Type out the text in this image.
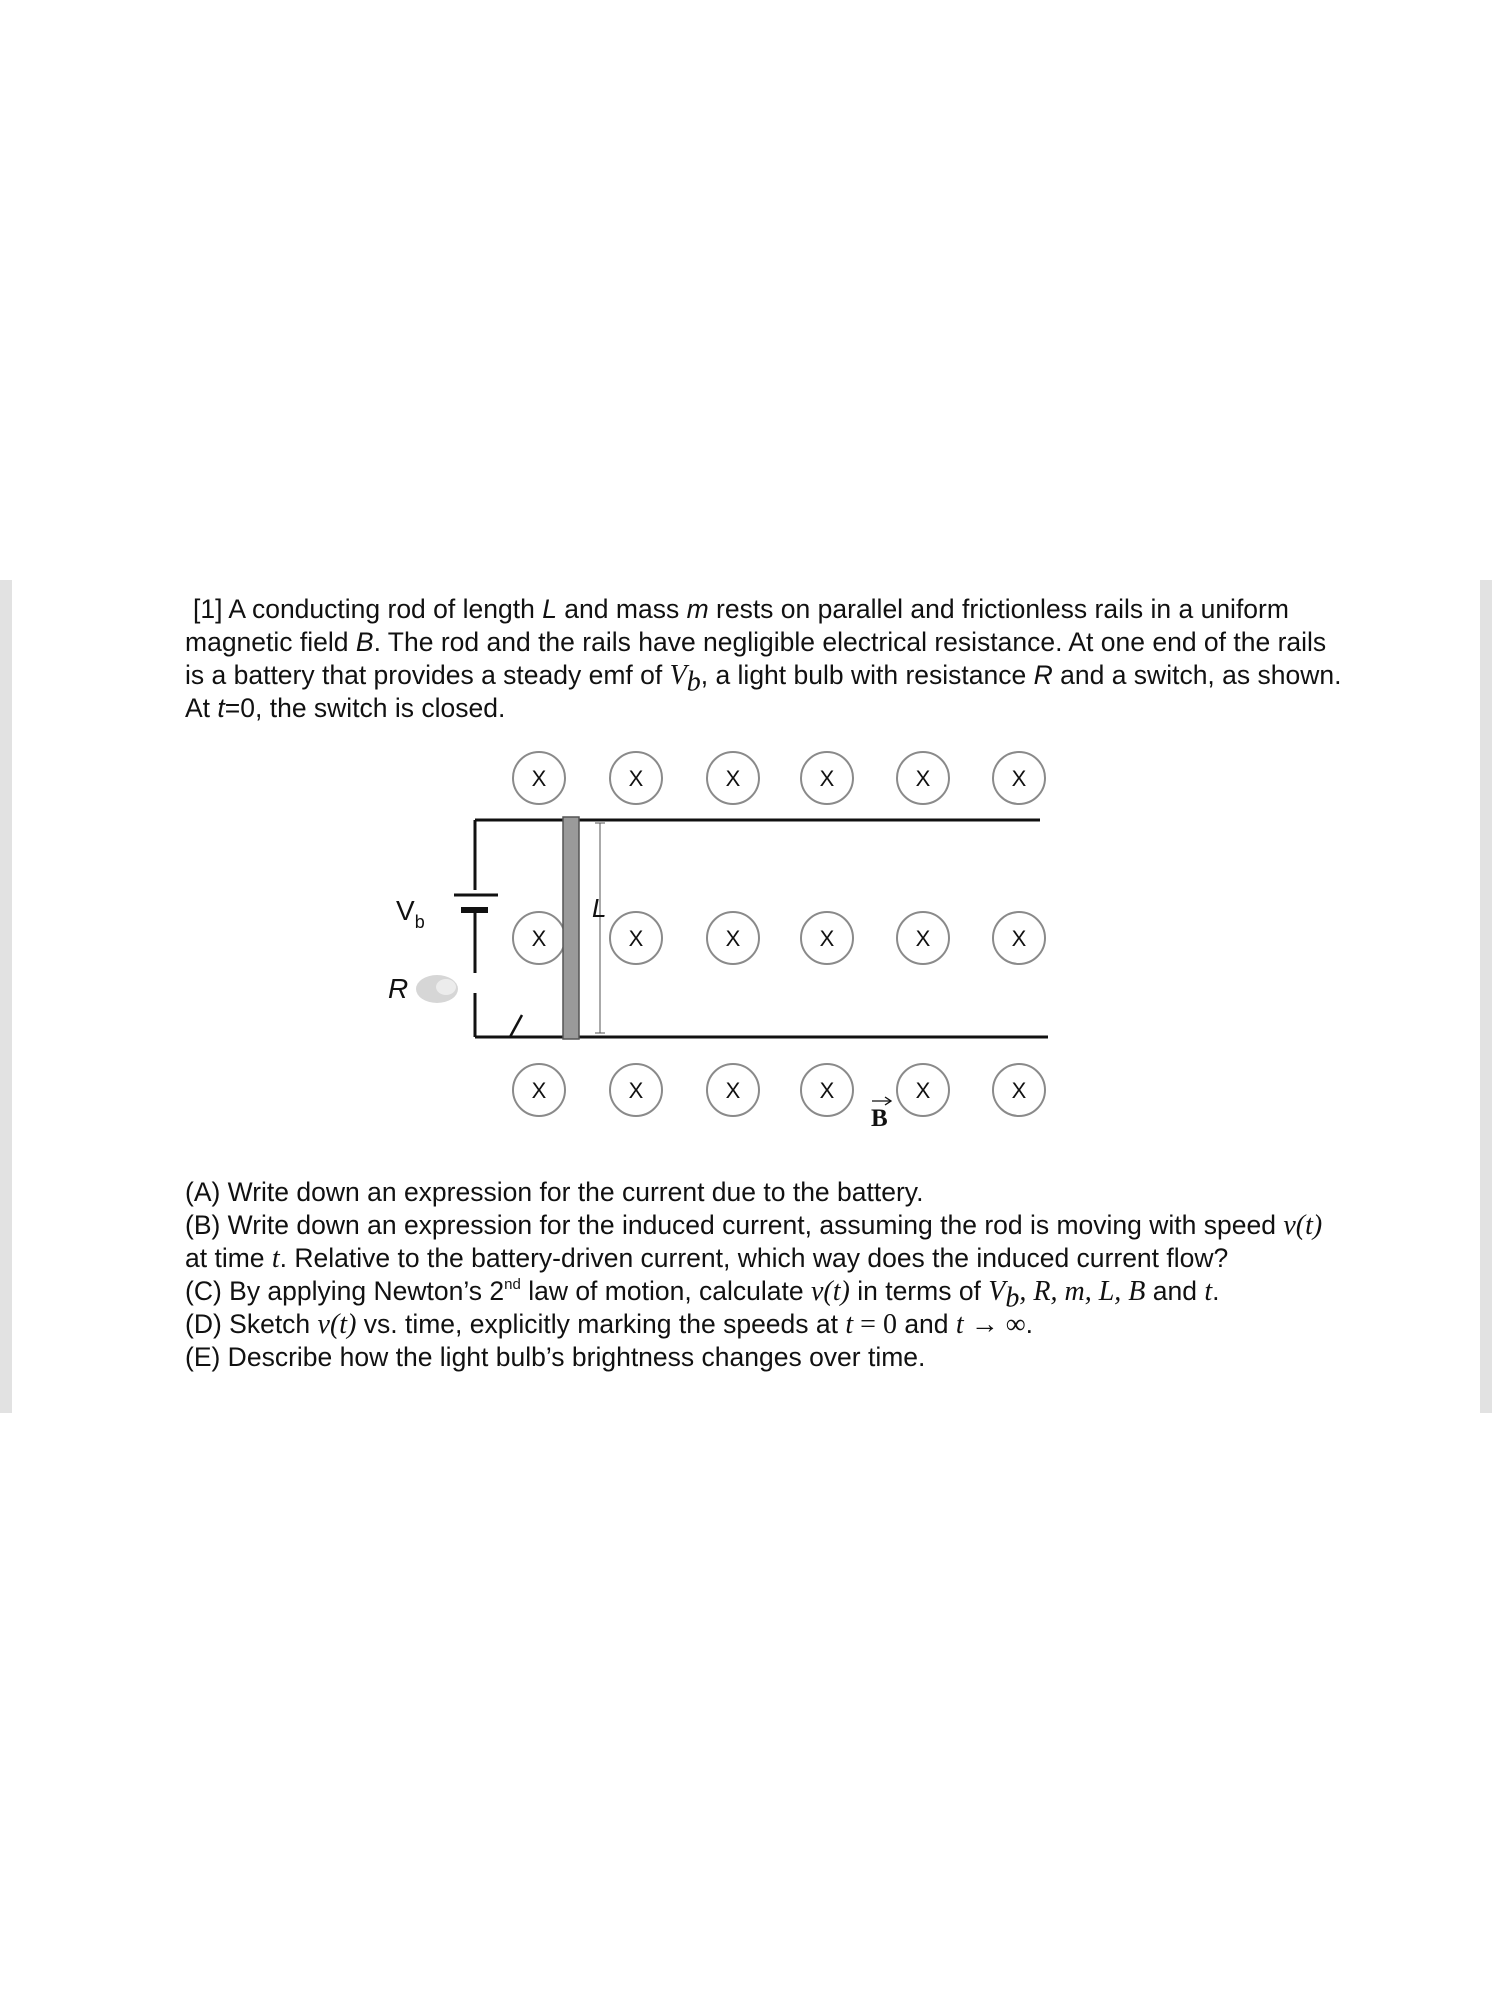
[1] A conducting rod of length L and mass m rests on parallel and frictionless rails in a uniform
magnetic field B. The rod and the rails have negligible electrical resistance. At one end of the rails
is a battery that provides a steady emf of $V_b$, a light bulb with resistance R and a switch, as shown.
At t=0, the switch is closed.
X	X	X	X	X	X
X	X	X	X	X	X
X	X	X	X	X	X
$V_b$
R
L
B
(A) Write down an expression for the current due to the battery.
(B) Write down an expression for the induced current, assuming the rod is moving with speed v(t)
at time t. Relative to the battery-driven current, which way does the induced current flow?
(C) By applying Newton’s 2nd law of motion, calculate v(t) in terms of $V_b$, R, m, L, B and t.
(D) Sketch v(t) vs. time, explicitly marking the speeds at t = 0 and t → ∞.
(E) Describe how the light bulb’s brightness changes over time.
